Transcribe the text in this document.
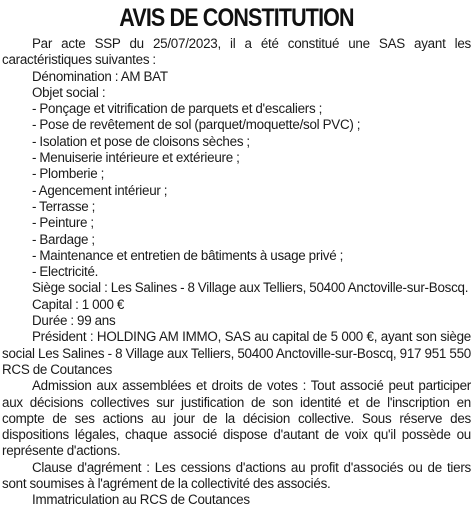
AVIS DE CONSTITUTION

Par acte SSP du 25/07/2023, il a été constitué une SAS ayant les caractéristiques suivantes :

Dénomination : AM BAT

Objet social :

- Ponçage et vitrification de parquets et d'escaliers ;

- Pose de revêtement de sol (parquet/moquette/sol PVC) ;

- Isolation et pose de cloisons sèches ;

- Menuiserie intérieure et extérieure ;

- Plomberie ;

- Agencement intérieur ;

- Terrasse ;

- Peinture ;

- Bardage ;

- Maintenance et entretien de bâtiments à usage privé ;

- Electricité.

Siège social : Les Salines - 8 Village aux Telliers, 50400 Anctoville-sur-Boscq.

Capital : 1 000 €

Durée : 99 ans

Président : HOLDING AM IMMO, SAS au capital de 5 000 €, ayant son siège social Les Salines - 8 Village aux Telliers, 50400 Anctoville-sur-Boscq, 917 951 550 RCS de Coutances

Admission aux assemblées et droits de votes : Tout associé peut participer aux décisions collectives sur justification de son identité et de l'inscription en compte de ses actions au jour de la décision collective. Sous réserve des dispositions légales, chaque associé dispose d'autant de voix qu'il possède ou représente d'actions.

Clause d'agrément : Les cessions d'actions au profit d'associés ou de tiers sont soumises à l'agrément de la collectivité des associés.

Immatriculation au RCS de Coutances
